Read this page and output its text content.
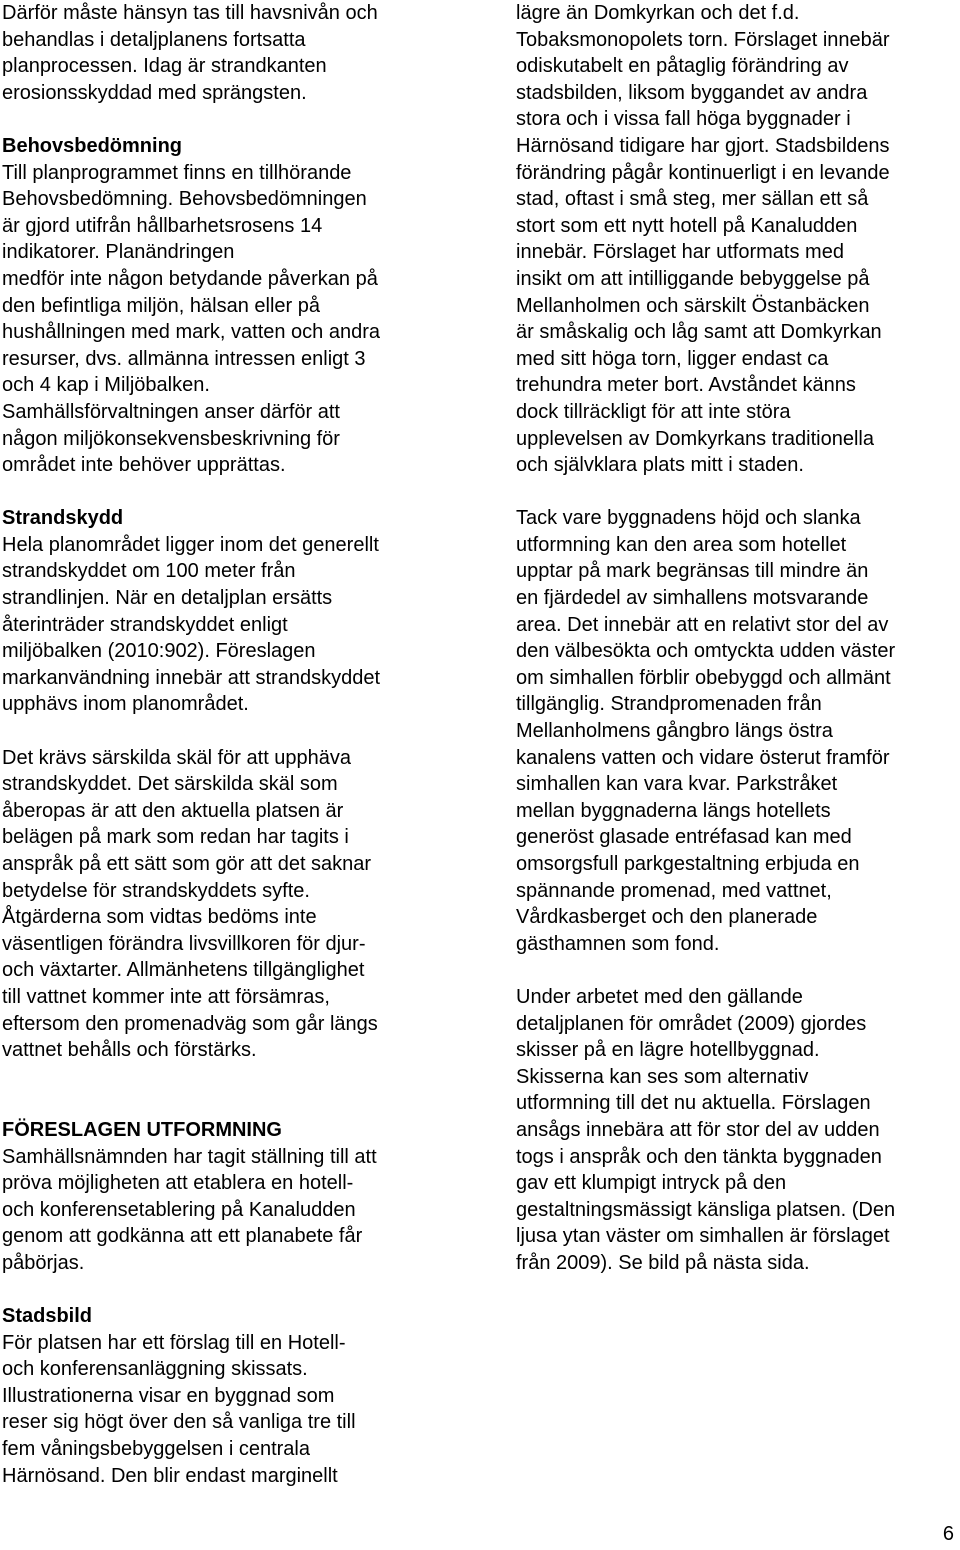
Därför måste hänsyn tas till havsnivån och
behandlas i detaljplanens fortsatta
planprocessen. Idag är strandkanten
erosionsskyddad med sprängsten.
Behovsbedömning
Till planprogrammet finns en tillhörande
Behovsbedömning. Behovsbedömningen
är gjord utifrån hållbarhetsrosens 14
indikatorer. Planändringen
medför inte någon betydande påverkan på
den befintliga miljön, hälsan eller på
hushållningen med mark, vatten och andra
resurser, dvs. allmänna intressen enligt 3
och 4 kap i Miljöbalken.
Samhällsförvaltningen anser därför att
någon miljökonsekvensbeskrivning för
området inte behöver upprättas.
Strandskydd
Hela planområdet ligger inom det generellt
strandskyddet om 100 meter från
strandlinjen. När en detaljplan ersätts
återinträder strandskyddet enligt
miljöbalken (2010:902). Föreslagen
markanvändning innebär att strandskyddet
upphävs inom planområdet.
Det krävs särskilda skäl för att upphäva
strandskyddet. Det särskilda skäl som
åberopas är att den aktuella platsen är
belägen på mark som redan har tagits i
anspråk på ett sätt som gör att det saknar
betydelse för strandskyddets syfte.
Åtgärderna som vidtas bedöms inte
väsentligen förändra livsvillkoren för djur-
och växtarter. Allmänhetens tillgänglighet
till vattnet kommer inte att försämras,
eftersom den promenadväg som går längs
vattnet behålls och förstärks.
FÖRESLAGEN UTFORMNING
Samhällsnämnden har tagit ställning till att
pröva möjligheten att etablera en hotell-
och konferensetablering på Kanaludden
genom att godkänna att ett planabete får
påbörjas.
Stadsbild
För platsen har ett förslag till en Hotell-
och konferensanläggning skissats.
Illustrationerna visar en byggnad som
reser sig högt över den så vanliga tre till
fem våningsbebyggelsen i centrala
Härnösand. Den blir endast marginellt
lägre än Domkyrkan och det f.d.
Tobaksmonopolets torn. Förslaget innebär
odiskutabelt en påtaglig förändring av
stadsbilden, liksom byggandet av andra
stora och i vissa fall höga byggnader i
Härnösand tidigare har gjort. Stadsbildens
förändring pågår kontinuerligt i en levande
stad, oftast i små steg, mer sällan ett så
stort som ett nytt hotell på Kanaludden
innebär. Förslaget har utformats med
insikt om att intilliggande bebyggelse på
Mellanholmen och särskilt Östanbäcken
är småskalig och låg samt att Domkyrkan
med sitt höga torn, ligger endast ca
trehundra meter bort. Avståndet känns
dock tillräckligt för att inte störa
upplevelsen av Domkyrkans traditionella
och självklara plats mitt i staden.
Tack vare byggnadens höjd och slanka
utformning kan den area som hotellet
upptar på mark begränsas till mindre än
en fjärdedel av simhallens motsvarande
area. Det innebär att en relativt stor del av
den välbesökta och omtyckta udden väster
om simhallen förblir obebyggd och allmänt
tillgänglig. Strandpromenaden från
Mellanholmens gångbro längs östra
kanalens vatten och vidare österut framför
simhallen kan vara kvar. Parkstråket
mellan byggnaderna längs hotellets
generöst glasade entréfasad kan med
omsorgsfull parkgestaltning erbjuda en
spännande promenad, med vattnet,
Vårdkasberget och den planerade
gästhamnen som fond.
Under arbetet med den gällande
detaljplanen för området (2009) gjordes
skisser på en lägre hotellbyggnad.
Skisserna kan ses som alternativ
utformning till det nu aktuella. Förslagen
ansågs innebära att för stor del av udden
togs i anspråk och den tänkta byggnaden
gav ett klumpigt intryck på den
gestaltningsmässigt känsliga platsen. (Den
ljusa ytan väster om simhallen är förslaget
från 2009). Se bild på nästa sida.
6
